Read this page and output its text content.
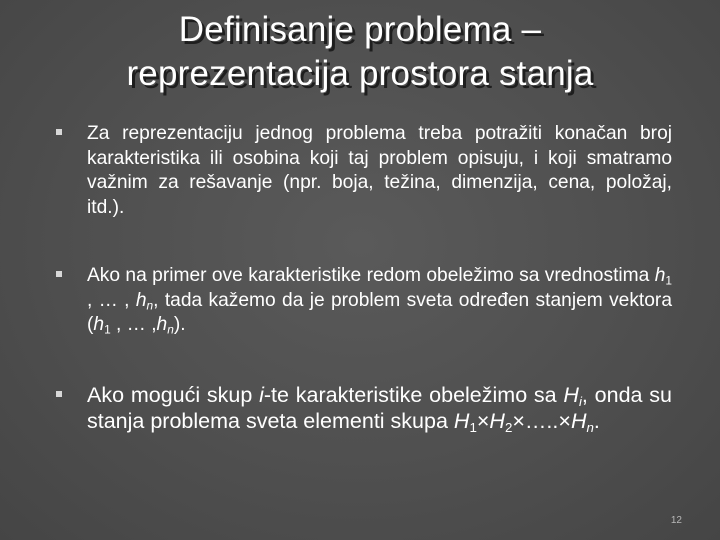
Definisanje problema –
reprezentacija prostora stanja
Za reprezentaciju jednog problema treba potražiti konačan broj karakteristika ili osobina koji taj problem opisuju, i koji smatramo važnim za rešavanje (npr. boja, težina, dimenzija, cena, položaj, itd.).
Ako na primer ove karakteristike redom obeležimo sa vrednostima $h_1$ , … , $h_n$, tada kažemo da je problem sveta određen stanjem vektora ($h_1$ , … $,h_n$).
Ako mogući skup i-te karakteristike obeležimo sa $H_i$, onda su stanja problema sveta elementi skupa $H_1\times H_2\times\dots..\times H_n$.
12
